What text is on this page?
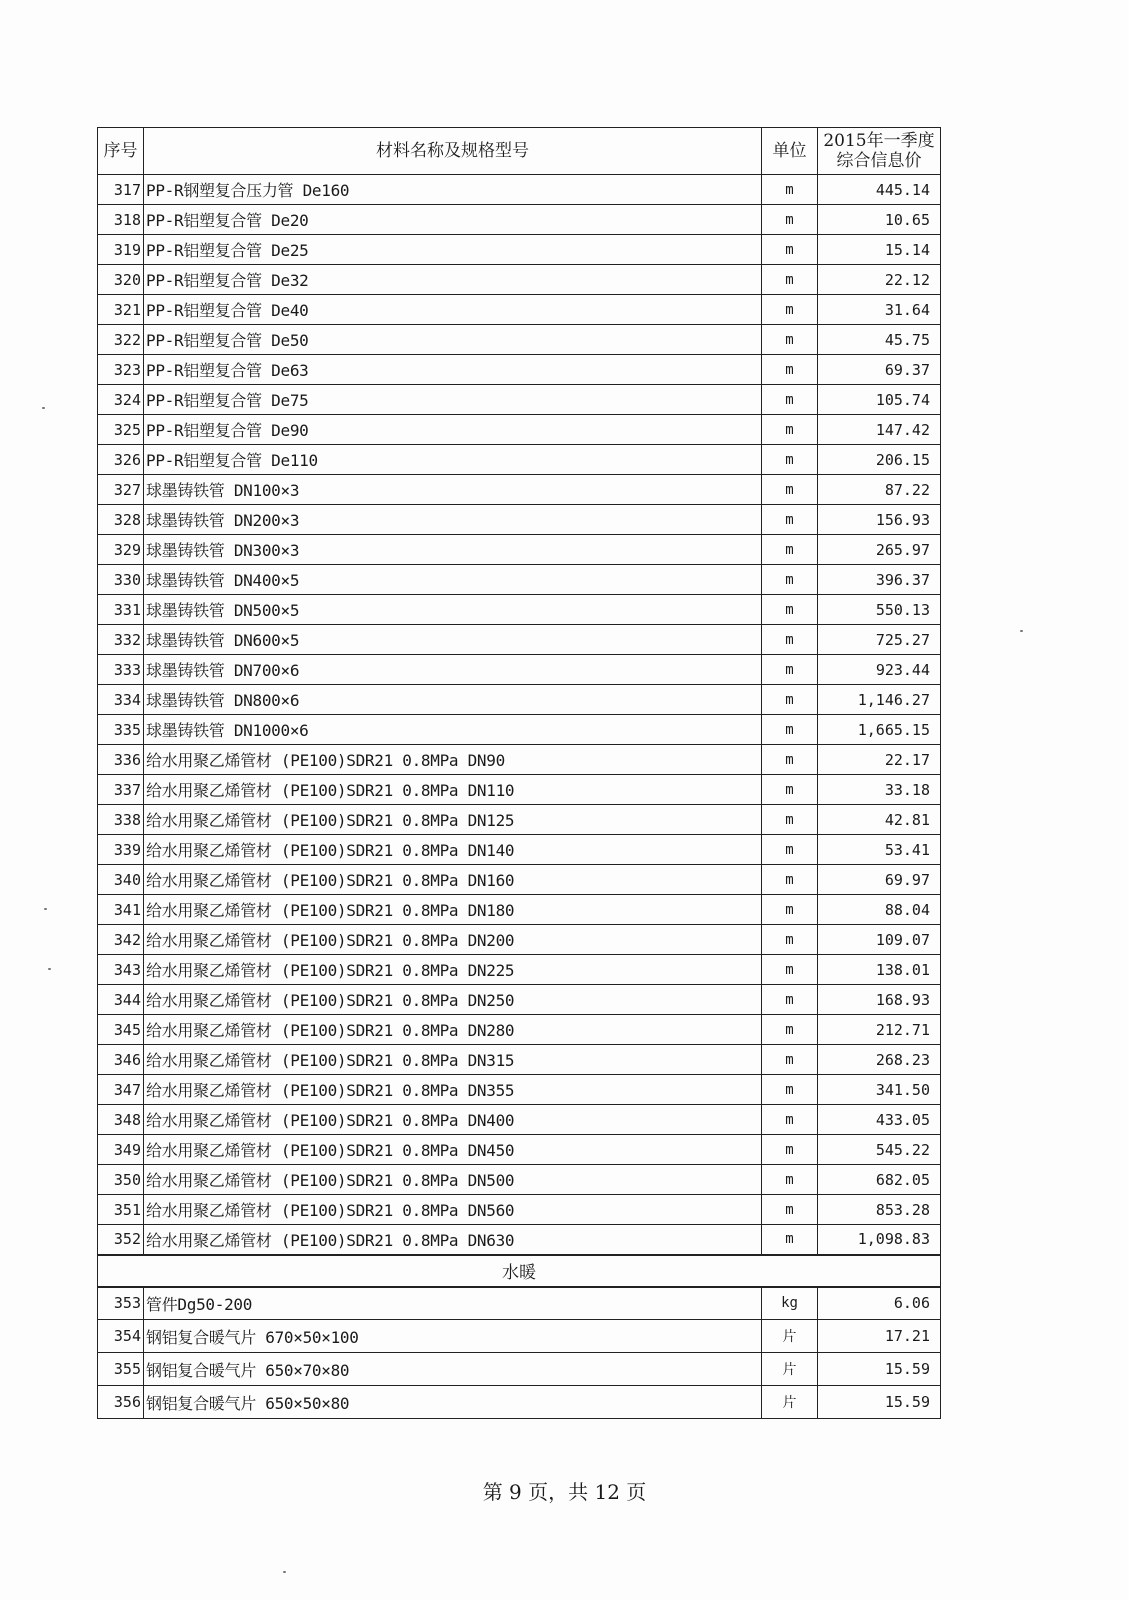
序号	材料名称及规格型号	单位	2015年一季度
综合信息价

317	PP-R钢塑复合压力管 De160	m	445.14
318	PP-R铝塑复合管 De20	m	10.65
319	PP-R铝塑复合管 De25	m	15.14
320	PP-R铝塑复合管 De32	m	22.12
321	PP-R铝塑复合管 De40	m	31.64
322	PP-R铝塑复合管 De50	m	45.75
323	PP-R铝塑复合管 De63	m	69.37
324	PP-R铝塑复合管 De75	m	105.74
325	PP-R铝塑复合管 De90	m	147.42
326	PP-R铝塑复合管 De110	m	206.15
327	球墨铸铁管 DN100×3	m	87.22
328	球墨铸铁管 DN200×3	m	156.93
329	球墨铸铁管 DN300×3	m	265.97
330	球墨铸铁管 DN400×5	m	396.37
331	球墨铸铁管 DN500×5	m	550.13
332	球墨铸铁管 DN600×5	m	725.27
333	球墨铸铁管 DN700×6	m	923.44
334	球墨铸铁管 DN800×6	m	1,146.27
335	球墨铸铁管 DN1000×6	m	1,665.15
336	给水用聚乙烯管材 (PE100)SDR21 0.8MPa DN90	m	22.17
337	给水用聚乙烯管材 (PE100)SDR21 0.8MPa DN110	m	33.18
338	给水用聚乙烯管材 (PE100)SDR21 0.8MPa DN125	m	42.81
339	给水用聚乙烯管材 (PE100)SDR21 0.8MPa DN140	m	53.41
340	给水用聚乙烯管材 (PE100)SDR21 0.8MPa DN160	m	69.97
341	给水用聚乙烯管材 (PE100)SDR21 0.8MPa DN180	m	88.04
342	给水用聚乙烯管材 (PE100)SDR21 0.8MPa DN200	m	109.07
343	给水用聚乙烯管材 (PE100)SDR21 0.8MPa DN225	m	138.01
344	给水用聚乙烯管材 (PE100)SDR21 0.8MPa DN250	m	168.93
345	给水用聚乙烯管材 (PE100)SDR21 0.8MPa DN280	m	212.71
346	给水用聚乙烯管材 (PE100)SDR21 0.8MPa DN315	m	268.23
347	给水用聚乙烯管材 (PE100)SDR21 0.8MPa DN355	m	341.50
348	给水用聚乙烯管材 (PE100)SDR21 0.8MPa DN400	m	433.05
349	给水用聚乙烯管材 (PE100)SDR21 0.8MPa DN450	m	545.22
350	给水用聚乙烯管材 (PE100)SDR21 0.8MPa DN500	m	682.05
351	给水用聚乙烯管材 (PE100)SDR21 0.8MPa DN560	m	853.28
352	给水用聚乙烯管材 (PE100)SDR21 0.8MPa DN630	m	1,098.83
水暖			
353	管件Dg50-200	kg	6.06
354	钢铝复合暖气片 670×50×100	片	17.21
355	钢铝复合暖气片 650×70×80	片	15.59
356	钢铝复合暖气片 650×50×80	片	15.59
第 9 页，共 12 页
